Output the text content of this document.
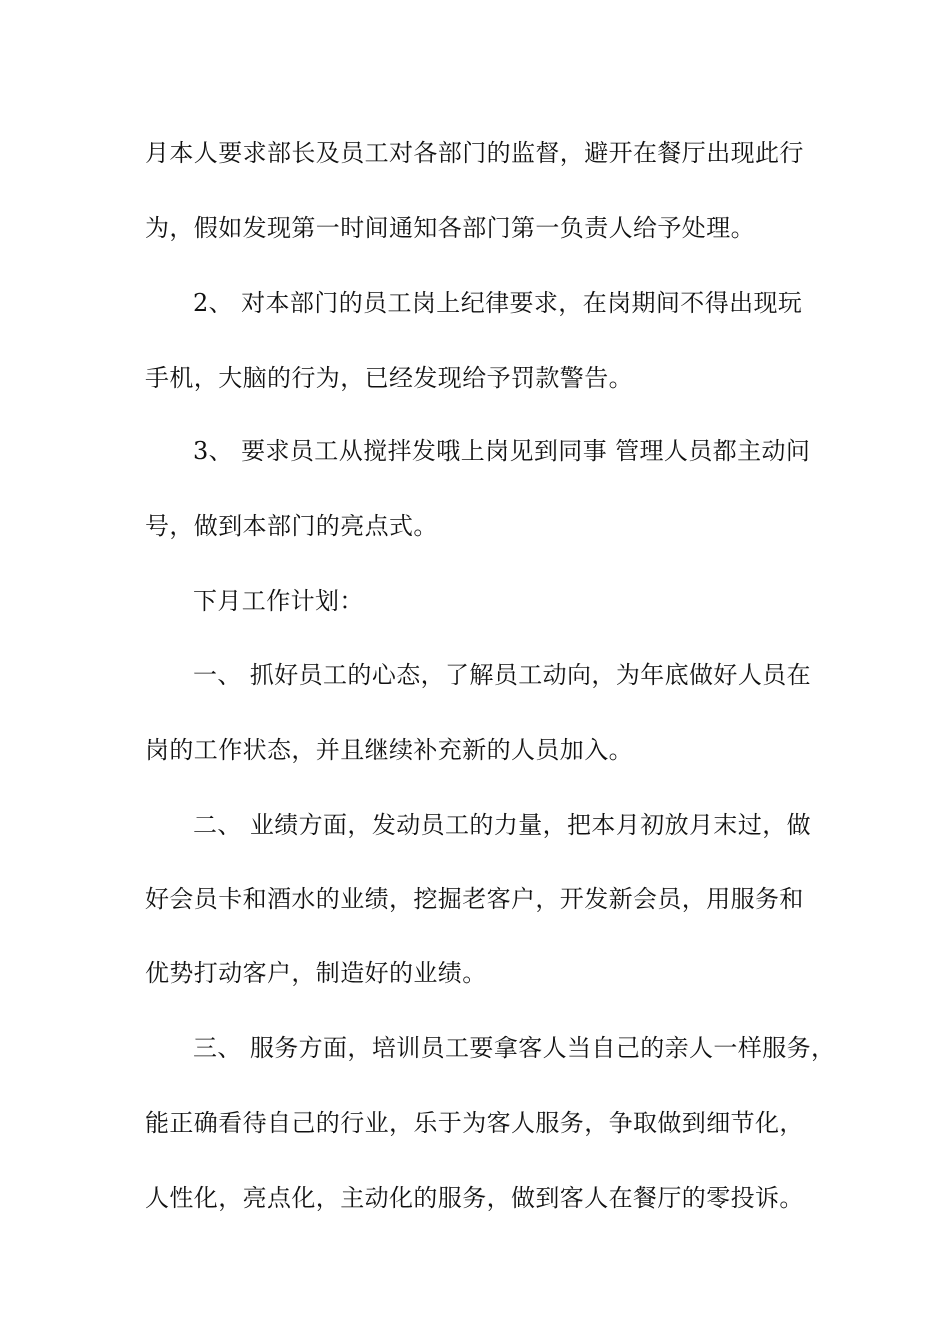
月本人要求部长及员工对各部门的监督，避开在餐厅出现此行
为，假如发现第一时间通知各部门第一负责人给予处理。
2、 对本部门的员工岗上纪律要求，在岗期间不得出现玩
手机，大脑的行为，已经发现给予罚款警告。
3、 要求员工从搅拌发哦上岗见到同事 管理人员都主动问
号，做到本部门的亮点式。
下月工作计划：
一、 抓好员工的心态，了解员工动向，为年底做好人员在
岗的工作状态，并且继续补充新的人员加入。
二、 业绩方面，发动员工的力量，把本月初放月末过，做
好会员卡和酒水的业绩，挖掘老客户，开发新会员，用服务和
优势打动客户，制造好的业绩。
三、 服务方面，培训员工要拿客人当自己的亲人一样服务，
能正确看待自己的行业，乐于为客人服务，争取做到细节化，
人性化，亮点化，主动化的服务，做到客人在餐厅的零投诉。
